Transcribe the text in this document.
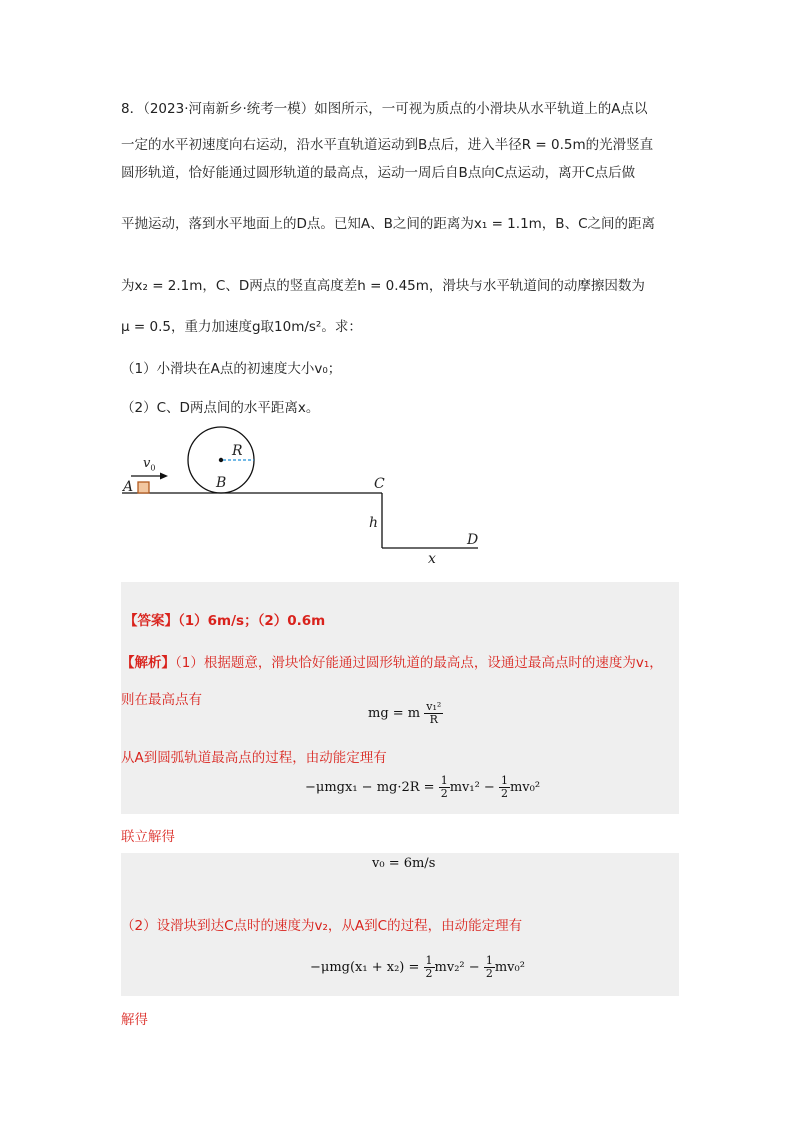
8．（2023·河南新乡·统考一模）如图所示，一可视为质点的小滑块从水平轨道上的A点以
一定的水平初速度向右运动，沿水平直轨道运动到B点后，进入半径R = 0.5m的光滑竖直
圆形轨道，恰好能通过圆形轨道的最高点，运动一周后自B点向C点运动，离开C点后做
平抛运动，落到水平地面上的D点。已知A、B之间的距离为x₁ = 1.1m，B、C之间的距离
为x₂ = 2.1m，C、D两点的竖直高度差h = 0.45m，滑块与水平轨道间的动摩擦因数为
μ = 0.5，重力加速度g取10m/s²。求：
（1）小滑块在A点的初速度大小v₀；
（2）C、D两点间的水平距离x。
$v_0$
R
A	B	C
h
D
x
【答案】（1）6m/s；（2）0.6m
【解析】（1）根据题意，滑块恰好能通过圆形轨道的最高点，设通过最高点时的速度为v₁，
则在最高点有
mg = m $\frac{\text{v₁²}}{R}$
从A到圆弧轨道最高点的过程，由动能定理有
$-\mu mgx_1 - mg\cdot 2R = \frac{1}{2} mv_1^2 - \frac{1}{2} mv_0^2$
联立解得
v₀ = 6m/s
（2）设滑块到达C点时的速度为v₂，从A到C的过程，由动能定理有
$-\mu mg(x_1 + x_2) = \frac{1}{2} mv_2^2 - \frac{1}{2} mv_0^2$
解得
